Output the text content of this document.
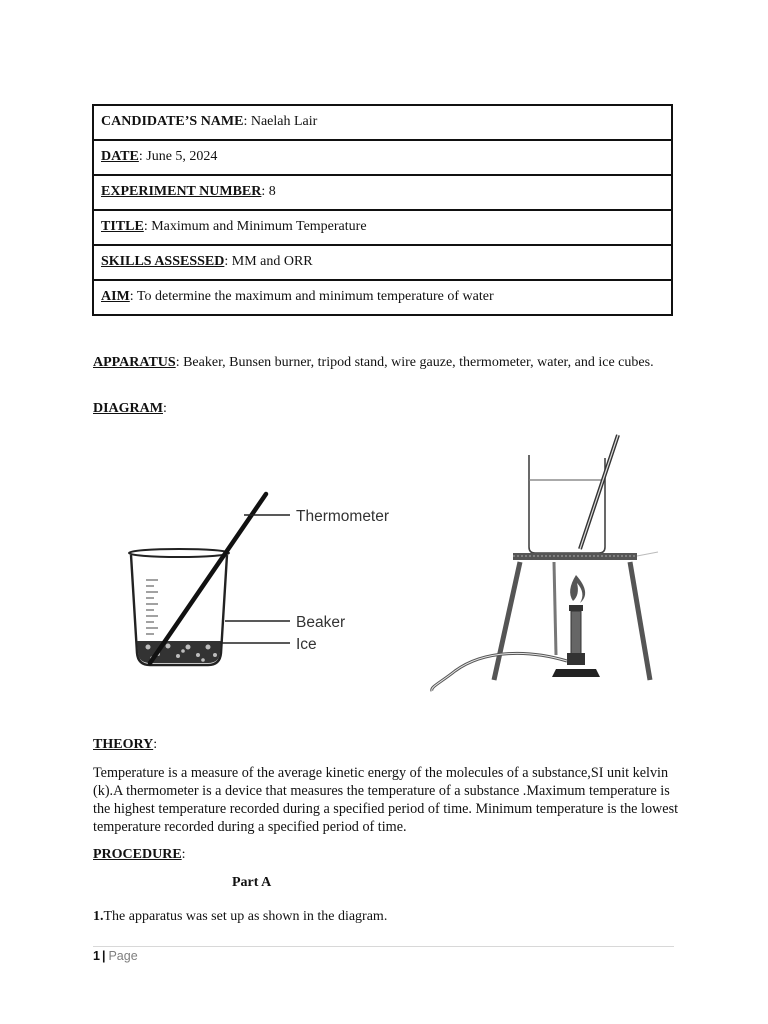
CANDIDATE’S NAME: Naelah Lair
DATE: June 5, 2024
EXPERIMENT NUMBER: 8
TITLE: Maximum and Minimum Temperature
SKILLS ASSESSED: MM and ORR
AIM: To determine the maximum and minimum temperature of water

APPARATUS: Beaker, Bunsen burner, tripod stand, wire gauze, thermometer, water, and ice cubes.

DIAGRAM:

Thermometer
Beaker
Ice

THEORY:

Temperature is a measure of the average kinetic energy of the molecules of a substance,SI unit kelvin (k).A thermometer is a device that measures the temperature of a substance .Maximum temperature is the highest temperature recorded during a specified period of time. Minimum temperature is the lowest temperature recorded during a specified period of time.

PROCEDURE:

Part A

1.The apparatus was set up as shown in the diagram.

1 | Page
